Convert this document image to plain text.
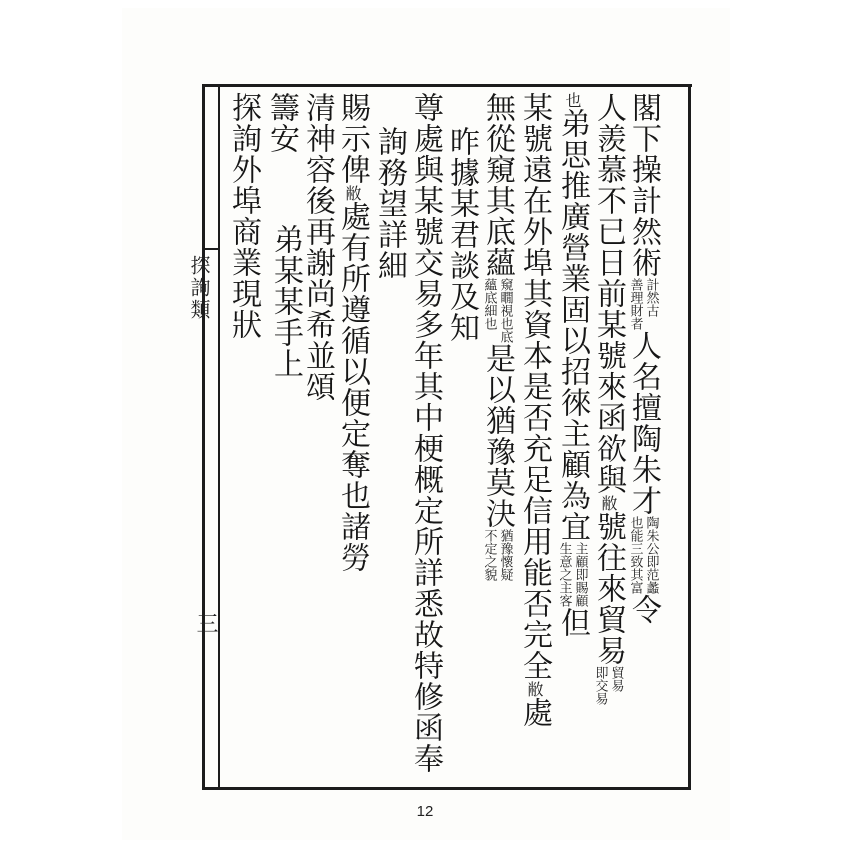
探詢類
三
閣下操計然術
計然古
善理財者
人名
擅陶朱才
陶朱公即范蠡
也能三致其富
令
人羨慕不已日前某號來函欲與
敝
號往來貿易
貿易
即交易
也
弟思推廣營業固以招徠主顧為宜
主顧即賜顧
生意之主客
但
某號遠在外埠其資本是否充足信用能否完全
敝
處
無從窺其底蘊
窺瞯視也底
蘊底細也
是以猶豫莫決
猶豫懷疑
不定之貌
昨據某君談及知
尊處與某號交易多年其中梗概定所詳悉故特修函奉
詢務望詳細
賜示俾
敝
處有所遵循以便定奪也諸勞
清神容後再謝尚希並頌
籌安
弟某某手上
探詢外埠商業現狀
12
